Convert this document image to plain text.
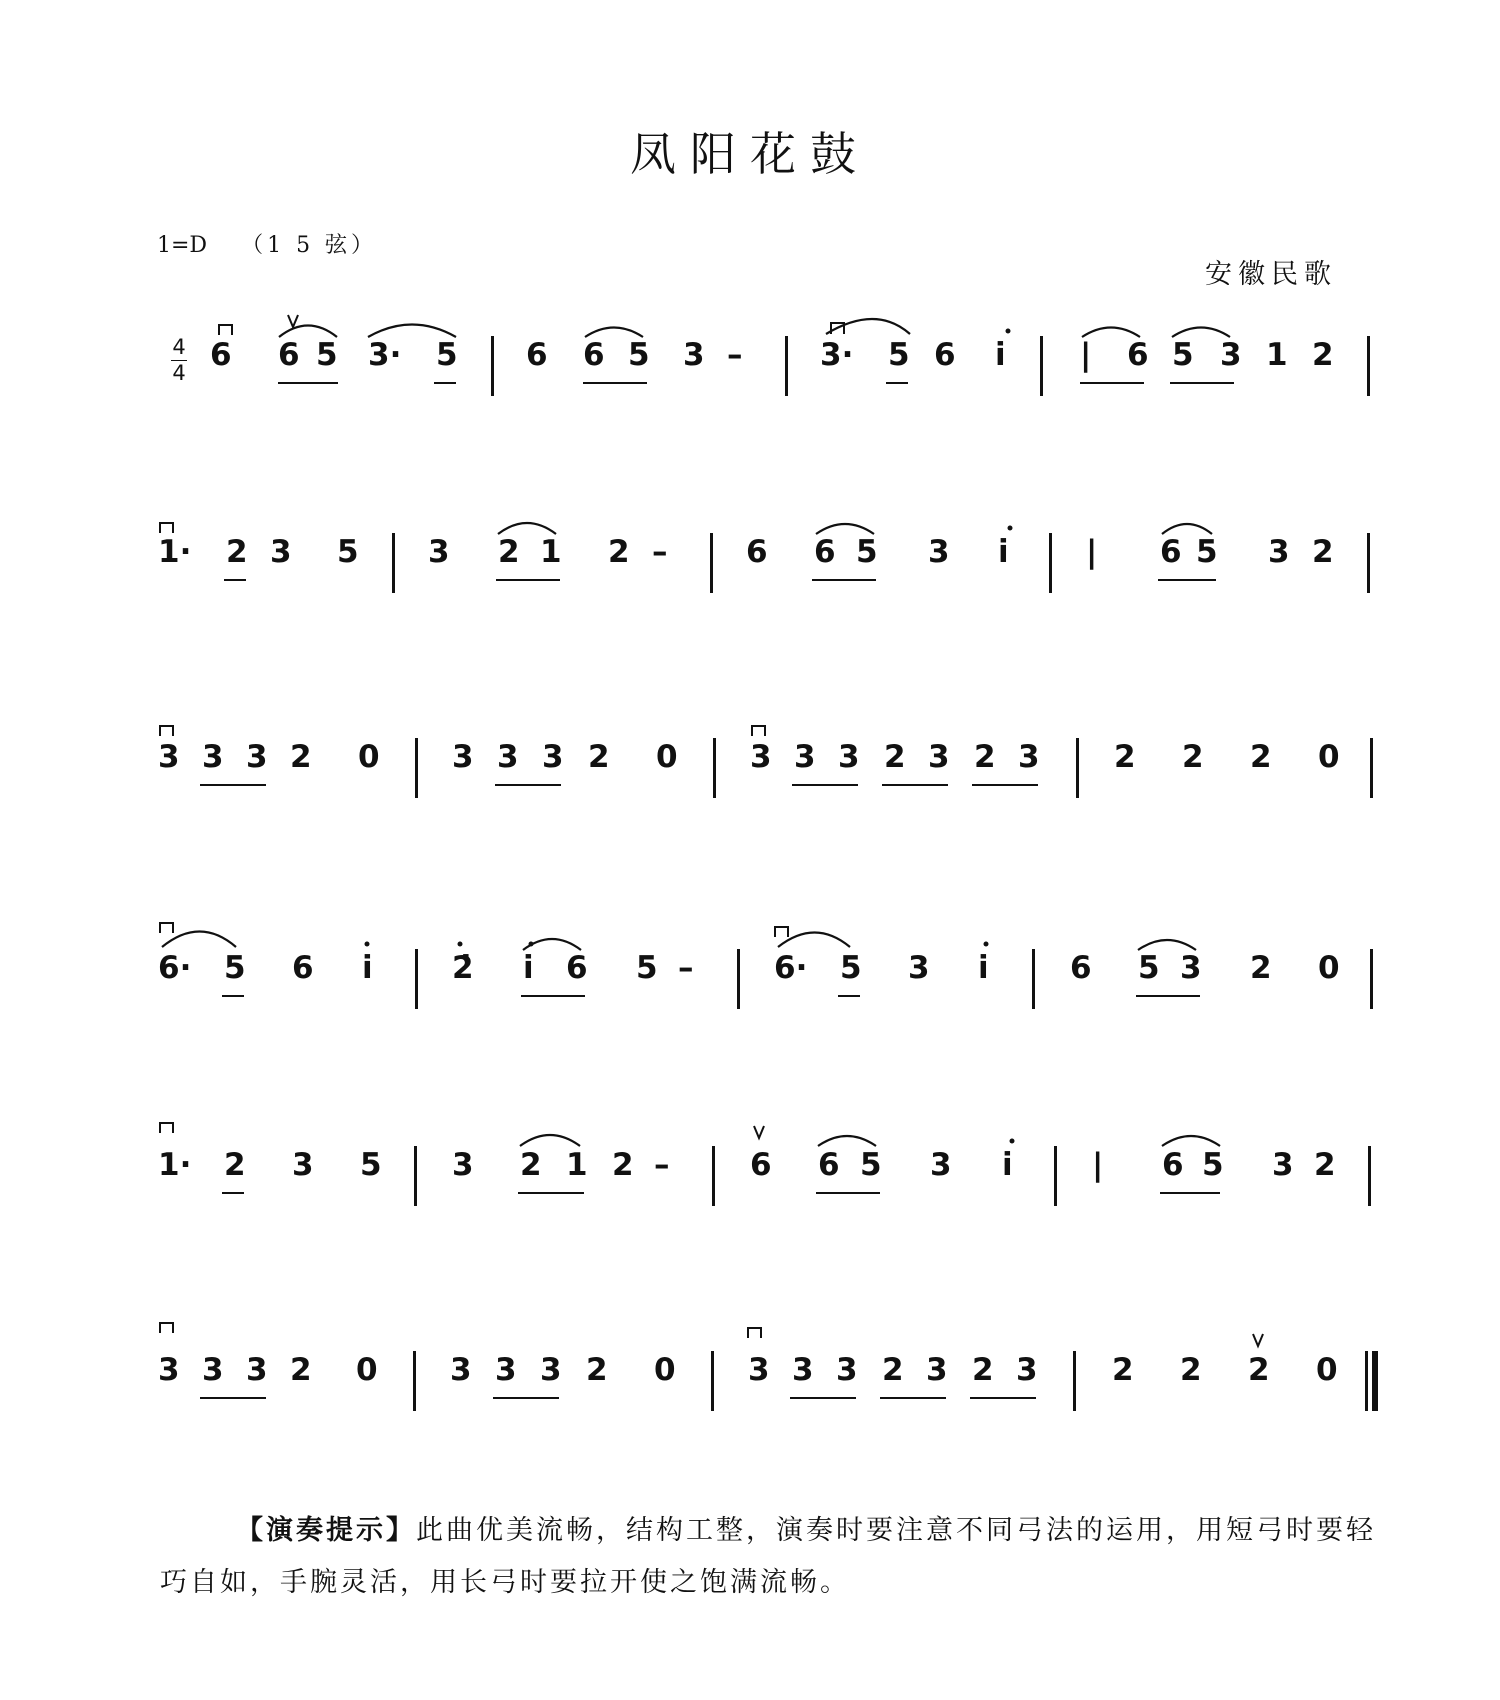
凤阳花鼓
1=D （1 5 弦）
安徽民歌
4
4 6 6 5 3· 5 6 6 5 3 –	3· 5 6 i̇ | 6 5 3 1 2
1· 2 3 5 3 2 1 2 –	6 6 5 3 i̇ | 6 5 3 2
3 3 3 2 0 3 3 3 2 0 3 3 3 2 3 2 3 2 2 2 0
6· 5 6 i̇	2̇ i̇ 6 5 –	6· 5 3 i̇	6 5 3 2 0
1· 2 3 5 3 2 1 2 –	6 6 5 3 i̇	| 6 5 3 2
3 3 3 2 0 3 3 3 2 0 3 3 3 2 3 2 3 2 2 2 0
【演奏提示】此曲优美流畅，结构工整，演奏时要注意不同弓法的运用，用短弓时要轻巧自如，手腕灵活，用长弓时要拉开使之饱满流畅。
